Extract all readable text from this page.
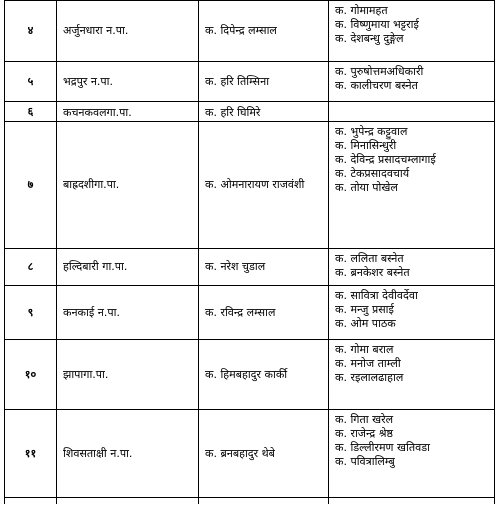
४	अर्जुनधारा न.पा.	क. दिपेन्द्र लम्साल	क. गोमामहत
क. विष्णुमाया भट्टराई
क. देशबन्धु दुङ्गेल

५	भद्रपुर न.पा.	क. हरि तिम्सिना	क. पुरुषोत्तमअधिकारी
क. कालीचरण बस्नेत

६	कचनकवलगा.पा.	क. हरि घिमिरे	
७	बाह्रदशीगा.पा.	क. ओमनारायण राजवंशी	क. भुपेन्द्र कट्टुवाल
क. मिनासिन्धुरी
क. देविन्द्र प्रसादचम्लागाई
क. टेकप्रसादवचार्य
क. तोया पोखेल

८	हल्दिबारी गा.पा.	क. नरेश चुडाल	क. ललिता बस्नेत
क. ब्रनकेशर बस्नेत

९	कनकाई न.पा.	क. रविन्द्र लम्साल	क. सावित्रा देवीवर्देवा
क. मन्जु प्रसाई
क. ओम पाठक

१०	झापागा.पा.	क. हिमबहादुर कार्की	क. गोमा बराल
क. मनोज ताम्ली
क. रइलालढाहाल

११	शिवसताक्षी न.पा.	क. ब्रनबहादुर थेबे	क. गिता खरेल
क. राजेन्द्र श्रेष्ठ
क. डिल्लीरमण खतिवडा
क. पवित्रालिम्बु
